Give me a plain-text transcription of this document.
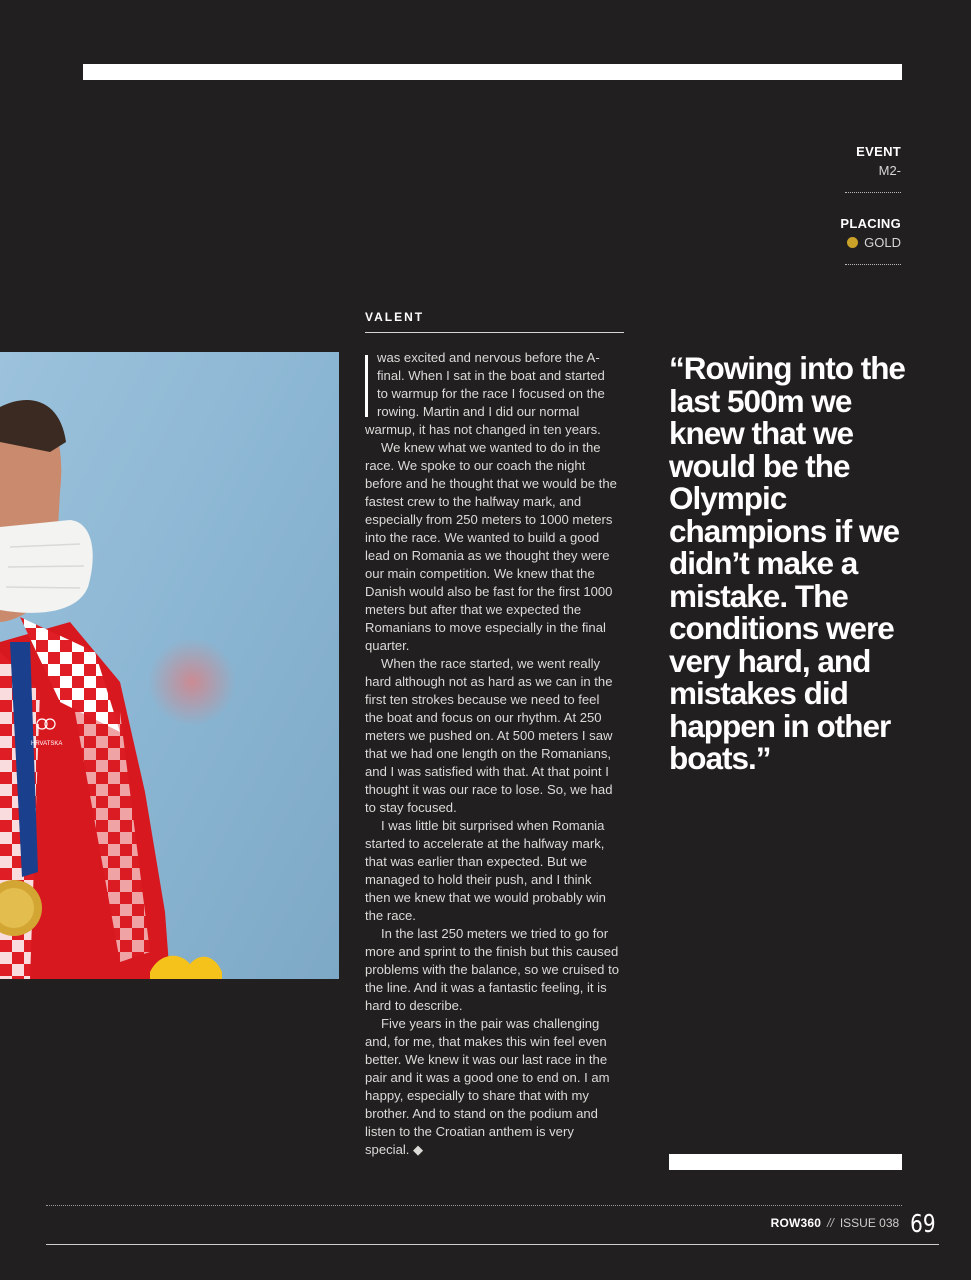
EVENT
M2-
PLACING
GOLD
VALENT
HRVATSKA

was excited and nervous before the A-final. When I sat in the boat and started to warmup for the race I focused on the rowing. Martin and I did our normal warmup, it has not changed in ten years.

We knew what we wanted to do in the race. We spoke to our coach the night before and he thought that we would be the fastest crew to the halfway mark, and especially from 250 meters to 1000 meters into the race. We wanted to build a good lead on Romania as we thought they were our main competition. We knew that the Danish would also be fast for the first 1000 meters but after that we expected the Romanians to move especially in the final quarter.

When the race started, we went really hard although not as hard as we can in the first ten strokes because we need to feel the boat and focus on our rhythm. At 250 meters we pushed on. At 500 meters I saw that we had one length on the Romanians, and I was satisfied with that. At that point I thought it was our race to lose. So, we had to stay focused.

I was little bit surprised when Romania started to accelerate at the halfway mark, that was earlier than expected. But we managed to hold their push, and I think then we knew that we would probably win the race.

In the last 250 meters we tried to go for more and sprint to the finish but this caused problems with the balance, so we cruised to the line. And it was a fantastic feeling, it is hard to describe.

Five years in the pair was challenging and, for me, that makes this win feel even better. We knew it was our last race in the pair and it was a good one to end on. I am happy, especially to share that with my brother. And to stand on the podium and listen to the Croatian anthem is very special. ◆

“Rowing into the last 500m we knew that we would be the Olympic champions if we didn’t make a mistake. The conditions were very hard, and mistakes did happen in other boats.”
ROW360 // ISSUE 038 69
